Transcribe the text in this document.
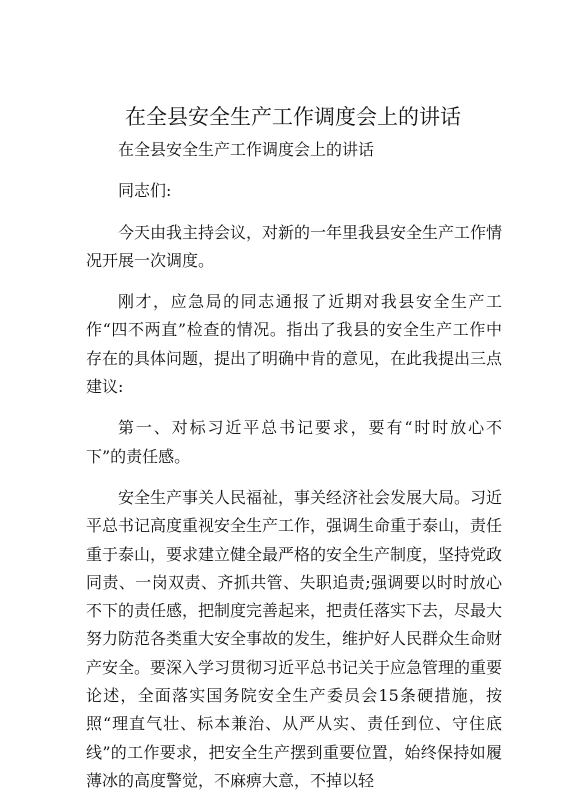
在全县安全生产工作调度会上的讲话

在全县安全生产工作调度会上的讲话

同志们:

今天由我主持会议，对新的一年里我县安全生产工作情况开展一次调度。

刚才，应急局的同志通报了近期对我县安全生产工作“四不两直”检查的情况。指出了我县的安全生产工作中存在的具体问题，提出了明确中肯的意见，在此我提出三点建议:

第一、对标习近平总书记要求，要有“时时放心不下”的责任感。

安全生产事关人民福祉，事关经济社会发展大局。习近平总书记高度重视安全生产工作，强调生命重于泰山，责任重于泰山，要求建立健全最严格的安全生产制度，坚持党政同责、一岗双责、齐抓共管、失职追责;强调要以时时放心不下的责任感，把制度完善起来，把责任落实下去，尽最大努力防范各类重大安全事故的发生，维护好人民群众生命财产安全。要深入学习贯彻习近平总书记关于应急管理的重要论述，全面落实国务院安全生产委员会15条硬措施，按照“理直气壮、标本兼治、从严从实、责任到位、守住底线”的工作要求，把安全生产摆到重要位置，始终保持如履薄冰的高度警觉，不麻痹大意，不掉以轻
